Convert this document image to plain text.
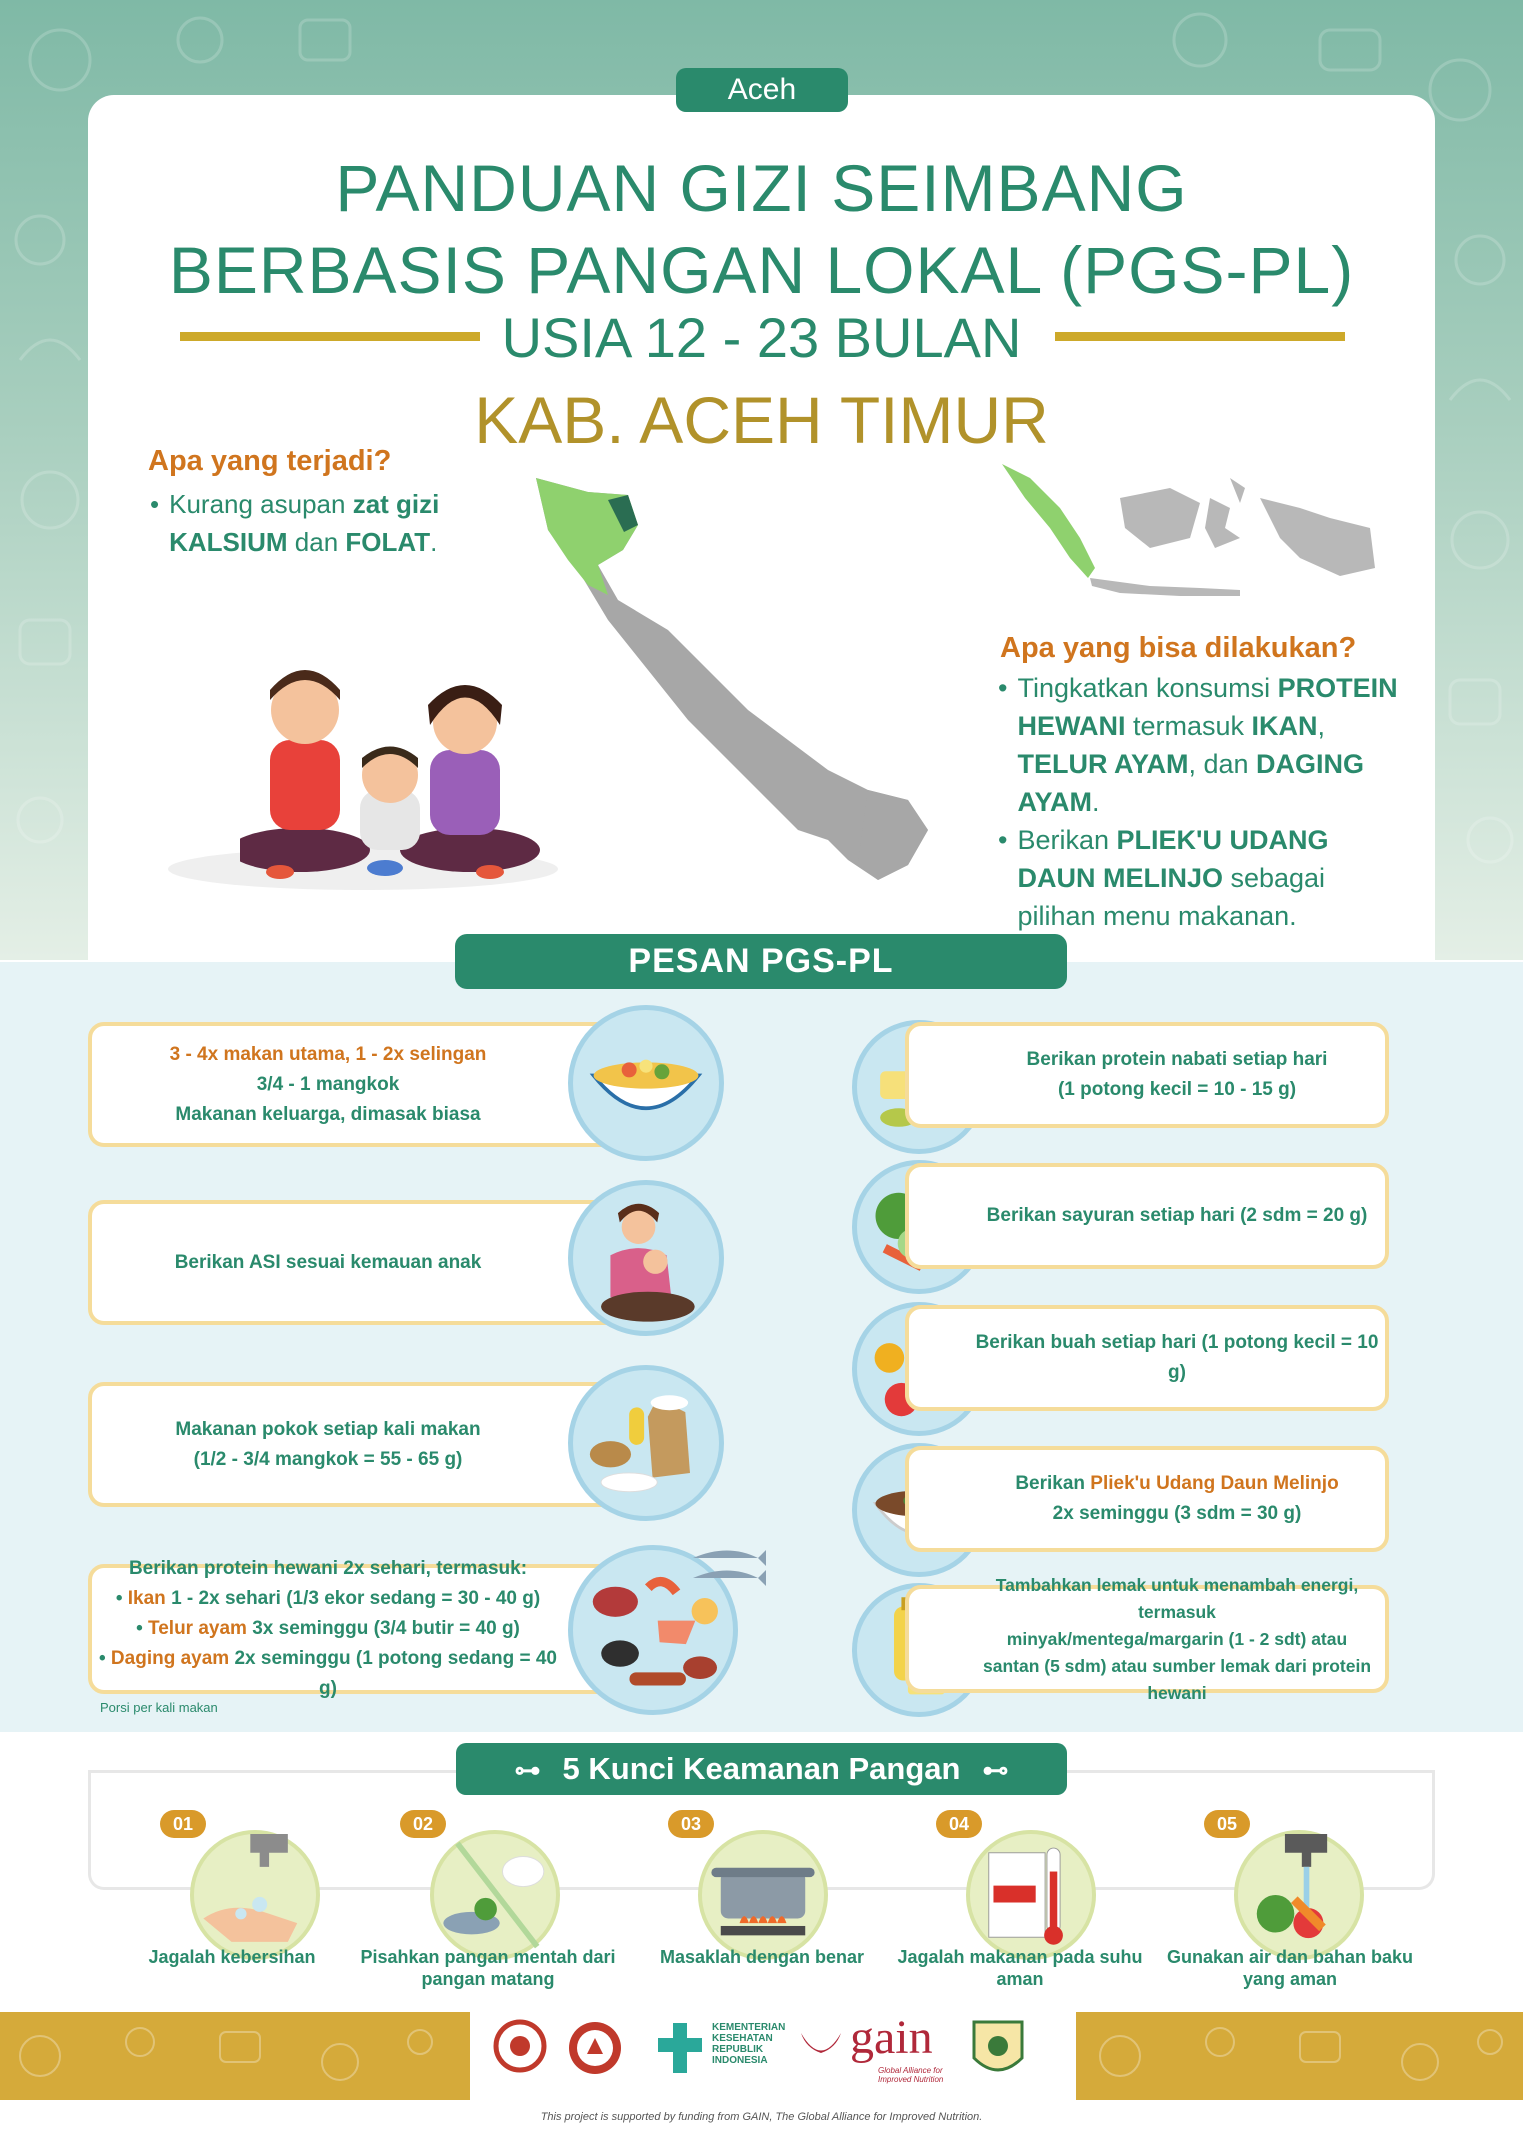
Aceh
PANDUAN GIZI SEIMBANG
BERBASIS PANGAN LOKAL (PGS-PL)
USIA 12 - 23 BULAN
KAB. ACEH TIMUR
Apa yang terjadi?
• Kurang asupan zat gizi KALSIUM dan FOLAT.
Apa yang bisa dilakukan?
• Tingkatkan konsumsi PROTEIN HEWANI termasuk IKAN, TELUR AYAM, dan DAGING AYAM.
• Berikan PLIEK'U UDANG DAUN MELINJO sebagai pilihan menu makanan.
PESAN PGS-PL
3 - 4x makan utama, 1 - 2x selingan
3/4 - 1 mangkok
Makanan keluarga, dimasak biasa
Berikan ASI sesuai kemauan anak
Makanan pokok setiap kali makan
(1/2 - 3/4 mangkok = 55 - 65 g)
Berikan protein hewani 2x sehari, termasuk:
• Ikan 1 - 2x sehari (1/3 ekor sedang = 30 - 40 g)
• Telur ayam 3x seminggu (3/4 butir = 40 g)
• Daging ayam 2x seminggu (1 potong sedang = 40 g)
Porsi per kali makan
Berikan protein nabati setiap hari
(1 potong kecil = 10 - 15 g)
Berikan sayuran setiap hari (2 sdm = 20 g)
Berikan buah setiap hari (1 potong kecil = 10 g)
Berikan Pliek'u Udang Daun Melinjo
2x seminggu (3 sdm = 30 g)
Tambahkan lemak untuk menambah energi, termasuk
minyak/mentega/margarin (1 - 2 sdt) atau
santan (5 sdm) atau sumber lemak dari protein hewani
⊶ 5 Kunci Keamanan Pangan ⊷
01
Jagalah kebersihan
02
Pisahkan pangan mentah dari pangan matang
03
Masaklah dengan benar
04
Jagalah makanan pada suhu aman
05
Gunakan air dan bahan baku yang aman
KEMENTERIAN
KESEHATAN
REPUBLIK
INDONESIA	gain
Global Alliance for
Improved Nutrition
This project is supported by funding from GAIN, The Global Alliance for Improved Nutrition.
